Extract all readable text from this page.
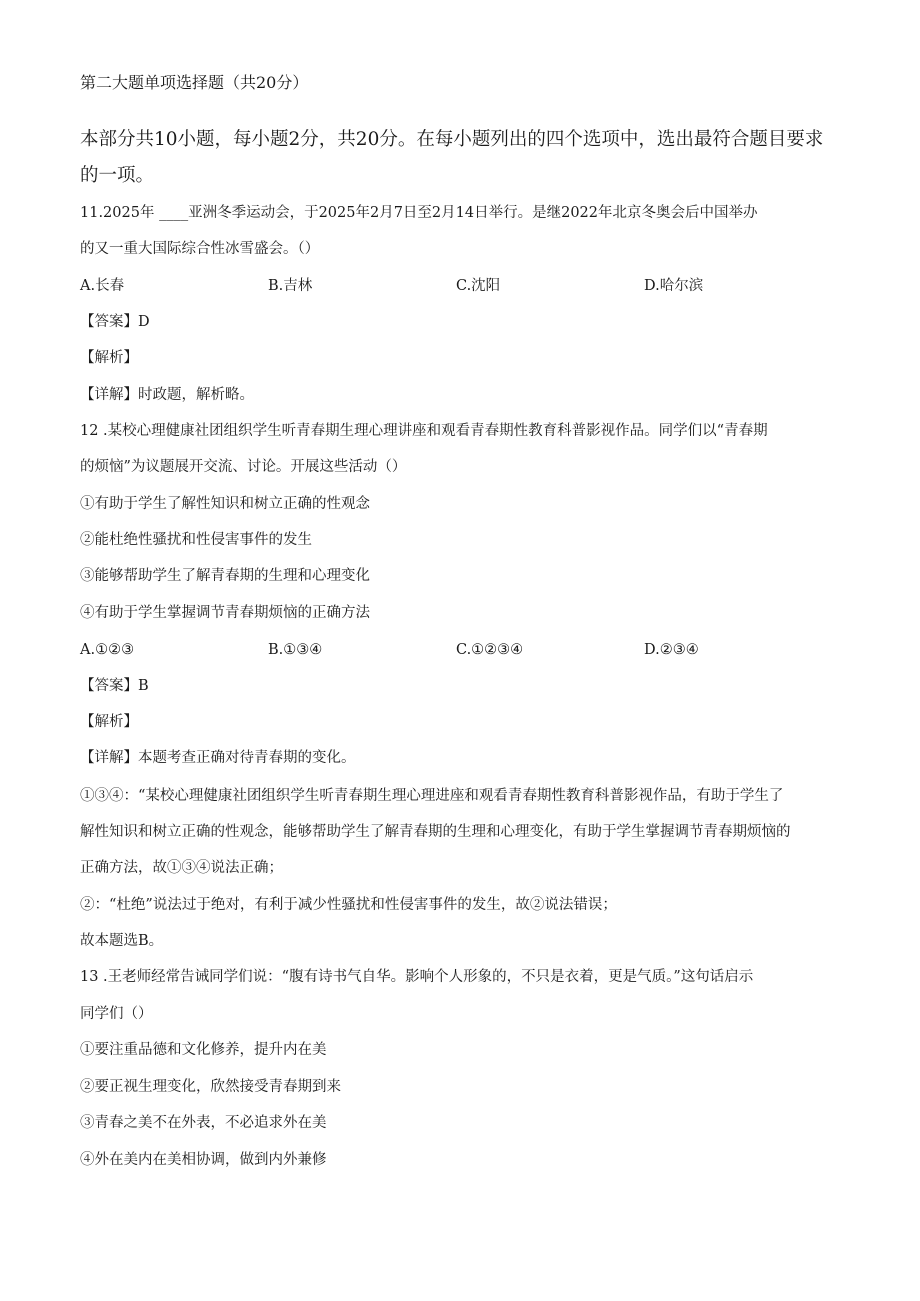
第二大题单项选择题（共20分）
本部分共10小题，每小题2分，共20分。在每小题列出的四个选项中，选出最符合题目要求
的一项。
11.2025年 ____亚洲冬季运动会，于2025年2月7日至2月14日举行。是继2022年北京冬奥会后中国举办
的又一重大国际综合性冰雪盛会。（）
A.长春	B.吉林	C.沈阳	D.哈尔滨
【答案】D
【解析】
【详解】时政题，解析略。
12 .某校心理健康社团组织学生听青春期生理心理讲座和观看青春期性教育科普影视作品。同学们以“青春期
的烦恼”为议题展开交流、讨论。开展这些活动（）
①有助于学生了解性知识和树立正确的性观念
②能杜绝性骚扰和性侵害事件的发生
③能够帮助学生了解青春期的生理和心理变化
④有助于学生掌握调节青春期烦恼的正确方法
A.①②③	B.①③④	C.①②③④	D.②③④
【答案】B
【解析】
【详解】本题考查正确对待青春期的变化。
①③④：“某校心理健康社团组织学生听青春期生理心理进座和观看青春期性教育科普影视作品，有助于学生了
解性知识和树立正确的性观念，能够帮助学生了解青春期的生理和心理变化，有助于学生掌握调节青春期烦恼的
正确方法，故①③④说法正确；
②：“杜绝”说法过于绝对，有利于减少性骚扰和性侵害事件的发生，故②说法错误；
故本题选B。
13 .王老师经常告诫同学们说：“腹有诗书气自华。影响个人形象的，不只是衣着，更是气质。”这句话启示
同学们（）
①要注重品德和文化修养，提升内在美
②要正视生理变化，欣然接受青春期到来
③青春之美不在外表，不必追求外在美
④外在美内在美相协调，做到内外兼修
